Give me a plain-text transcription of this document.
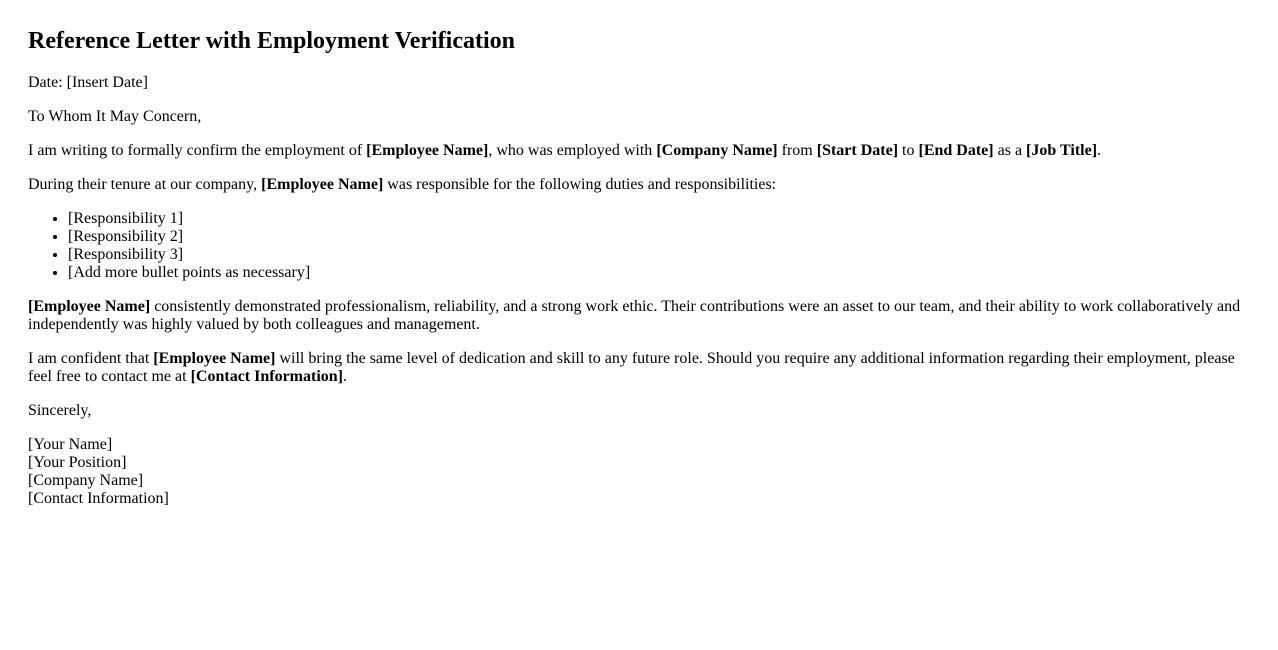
Reference Letter with Employment Verification

Date: [Insert Date]

To Whom It May Concern,

I am writing to formally confirm the employment of [Employee Name], who was employed with [Company Name] from [Start Date] to [End Date] as a [Job Title].

During their tenure at our company, [Employee Name] was responsible for the following duties and responsibilities:

• [Responsibility 1]
• [Responsibility 2]
• [Responsibility 3]
• [Add more bullet points as necessary]

[Employee Name] consistently demonstrated professionalism, reliability, and a strong work ethic. Their contributions were an asset to our team, and their ability to work collaboratively and independently was highly valued by both colleagues and management.

I am confident that [Employee Name] will bring the same level of dedication and skill to any future role. Should you require any additional information regarding their employment, please feel free to contact me at [Contact Information].

Sincerely,

[Your Name]
[Your Position]
[Company Name]
[Contact Information]
